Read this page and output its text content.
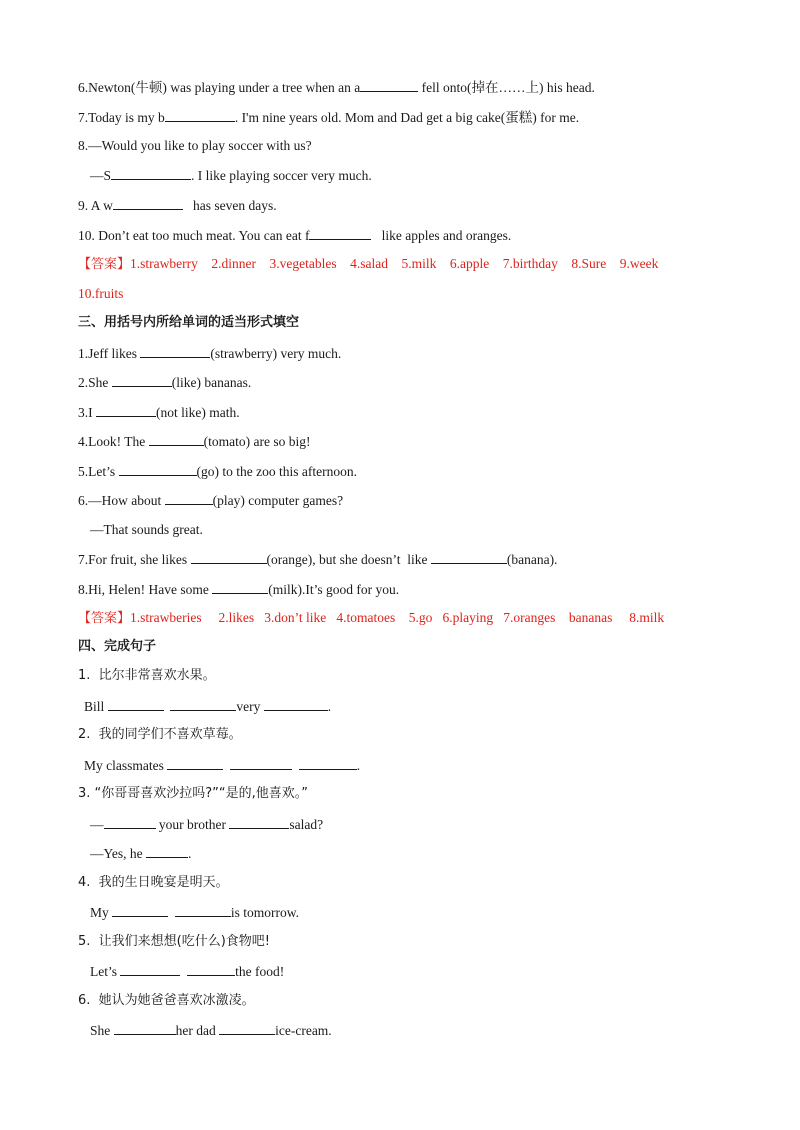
6.Newton(牛顿) was playing under a tree when an a	fell onto(掉在……上) his head.
7.Today is my b	. I'm nine years old. Mom and Dad get a big cake(蛋糕) for me.
8.—Would you like to play soccer with us?
—S	. I like playing soccer very much.
9. A w	has seven days.
10. Don’t eat too much meat. You can eat f	like apples and oranges.
【答案】1.strawberry 2.dinner 3.vegetables 4.salad 5.milk 6.apple 7.birthday 8.Sure 9.week
10.fruits
三、用括号内所给单词的适当形式填空
1.Jeff likes	(strawberry) very much.
2.She	(like) bananas.
3.I	(not like) math.
4.Look! The	(tomato) are so big!
5.Let’s	(go) to the zoo this afternoon.
6.—How about	(play) computer games?
—That sounds great.
7.For fruit, she likes	(orange), but she doesn’t  like	(banana).
8.Hi, Helen! Have some	(milk).It’s good for you.
【答案】1.strawberies 2.likes 3.don’t like 4.tomatoes 5.go 6.playing 7.oranges bananas 8.milk
四、完成句子
1.  比尔非常喜欢水果。
Bill	very	.
2.  我的同学们不喜欢草莓。
My classmates	.
3. “你哥哥喜欢沙拉吗?”“是的,他喜欢。”
—	your brother	salad?
—Yes, he	.
4.  我的生日晚宴是明天。
My	is tomorrow.
5.  让我们来想想(吃什么)食物吧!
Let’s	the food!
6.  她认为她爸爸喜欢冰激凌。
She	her dad	ice-cream.
